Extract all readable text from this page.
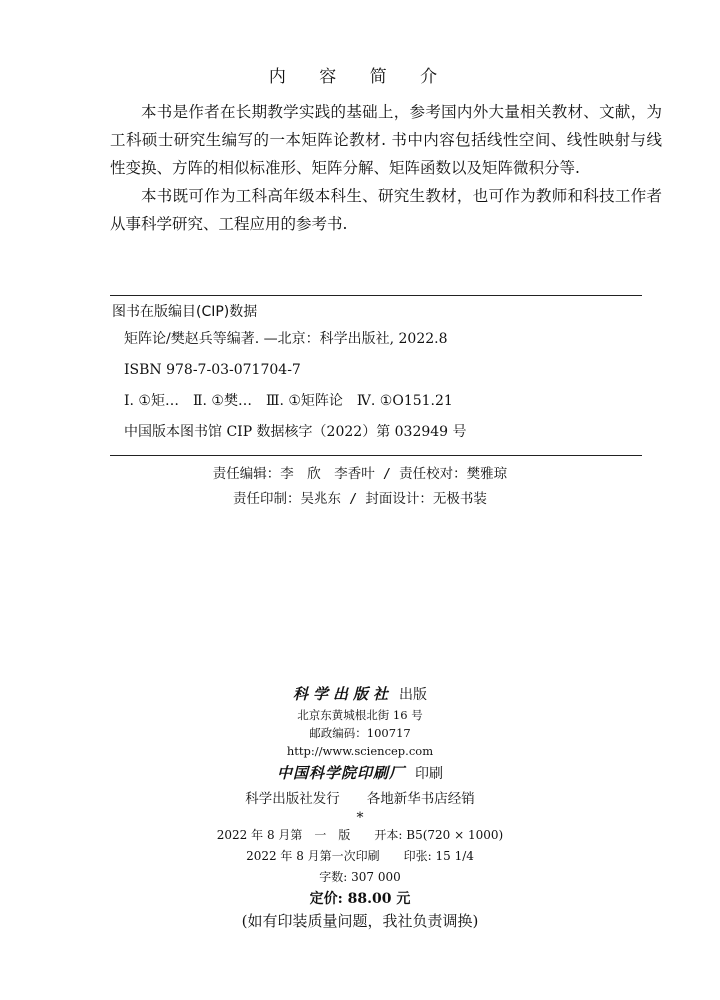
内 容 简 介

本书是作者在长期教学实践的基础上，参考国内外大量相关教材、文献，为工科硕士研究生编写的一本矩阵论教材. 书中内容包括线性空间、线性映射与线性变换、方阵的相似标准形、矩阵分解、矩阵函数以及矩阵微积分等.

本书既可作为工科高年级本科生、研究生教材，也可作为教师和科技工作者从事科学研究、工程应用的参考书.

图书在版编目(CIP)数据
矩阵论/樊赵兵等编著. —北京：科学出版社, 2022.8
ISBN 978-7-03-071704-7
Ⅰ. ①矩…　Ⅱ. ①樊…　Ⅲ. ①矩阵论　Ⅳ. ①O151.21
中国版本图书馆 CIP 数据核字（2022）第 032949 号
责任编辑：李　欣　李香叶 / 责任校对：樊雅琼
责任印制：吴兆东 / 封面设计：无极书装
科学出版社 出版
北京东黄城根北街 16 号
邮政编码：100717
http://www.sciencep.com
中国科学院印刷厂 印刷
科学出版社发行　　各地新华书店经销
*
2022 年 8 月第　一　版　　开本: B5(720 × 1000)
2022 年 8 月第一次印刷　　印张: 15 1/4
字数: 307 000
定价: 88.00 元
(如有印装质量问题，我社负责调换)
